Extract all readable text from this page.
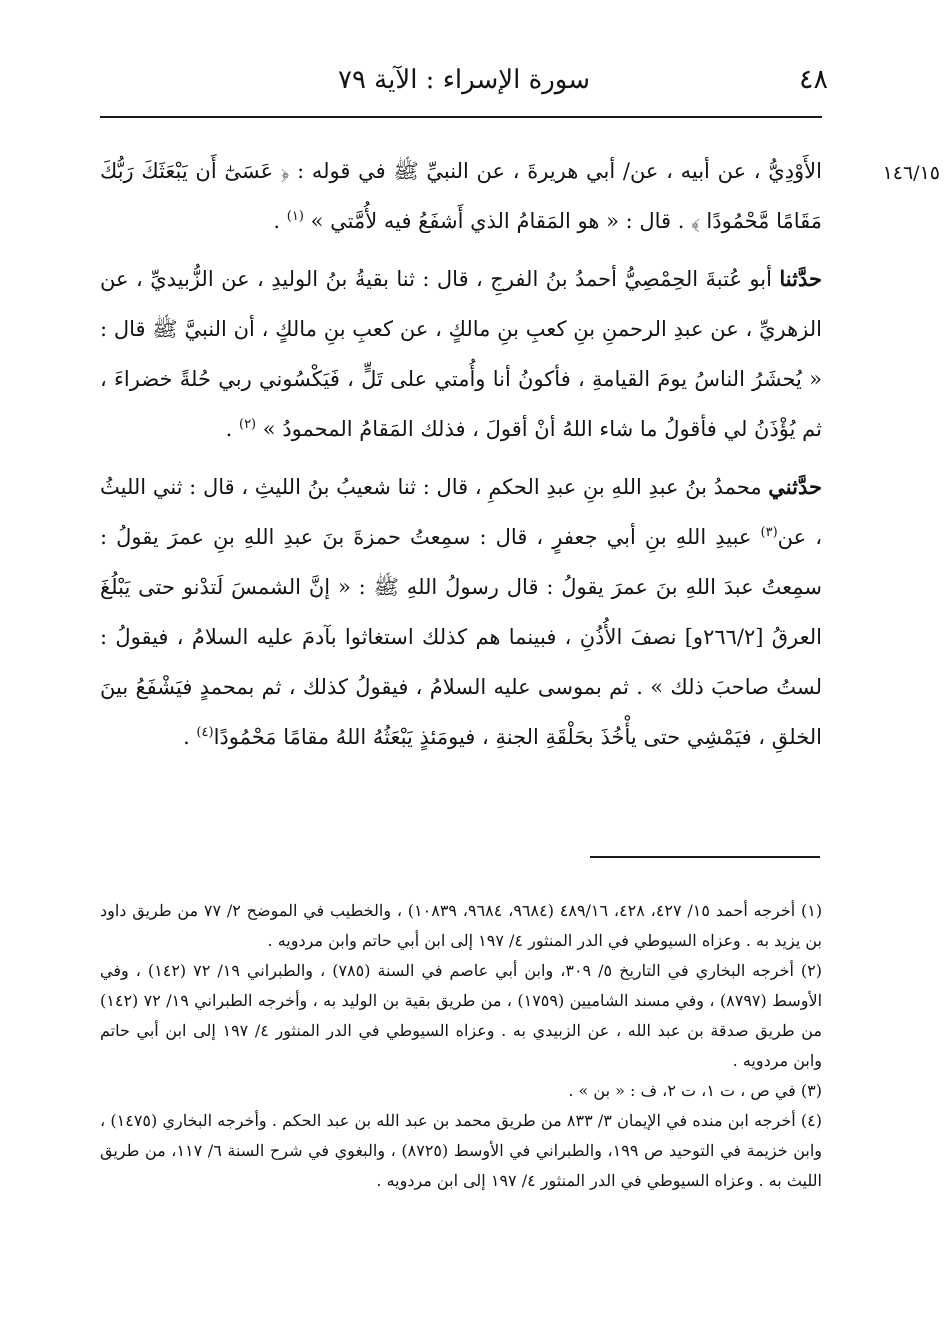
٤٨
سورة الإسراء : الآية ٧٩
١٤٦/١٥

الأَوْدِيُّ ، عن أبيه ، عن/ أبي هريرةَ ، عن النبيِّ ﷺ في قوله : ﴿ عَسَىٰٓ أَن يَبْعَثَكَ رَبُّكَ مَقَامًا مَّحْمُودًا ﴾ . قال : « هو المَقامُ الذي أَشفَعُ فيه لأُمَّتي » $^{(١)}$ .

حدَّثنا أبو عُتبةَ الحِمْصِيُّ أحمدُ بنُ الفرجِ ، قال : ثنا بقيةُ بنُ الوليدِ ، عن الزُّبيديِّ ، عن الزهريِّ ، عن عبدِ الرحمنِ بنِ كعبِ بنِ مالكٍ ، عن كعبِ بنِ مالكٍ ، أن النبيَّ ﷺ قال : « يُحشَرُ الناسُ يومَ القيامةِ ، فأكونُ أنا وأُمتي على تَلٍّ ، فَيَكْسُوني ربي حُلةً خضراءَ ، ثم يُؤْذَنُ لي فأقولُ ما شاء اللهُ أنْ أقولَ ، فذلك المَقامُ المحمودُ » $^{(٢)}$ .

حدَّثني محمدُ بنُ عبدِ اللهِ بنِ عبدِ الحكمِ ، قال : ثنا شعيبُ بنُ الليثِ ، قال : ثني الليثُ ، عن$^{(٣)}$ عبيدِ اللهِ بنِ أبي جعفرٍ ، قال : سمِعتُ حمزةَ بنَ عبدِ اللهِ بنِ عمرَ يقولُ : سمِعتُ عبدَ اللهِ بنَ عمرَ يقولُ : قال رسولُ اللهِ ﷺ : « إنَّ الشمسَ لَتدْنو حتى يَبْلُغَ العرقُ [٢٦٦/٢و] نصفَ الأُذُنِ ، فبينما هم كذلك استغاثوا بآدمَ عليه السلامُ ، فيقولُ : لستُ صاحبَ ذلك » . ثم بموسى عليه السلامُ ، فيقولُ كذلك ، ثم بمحمدٍ فيَشْفَعُ بينَ الخلقِ ، فيَمْشِي حتى يأْخُذَ بحَلْقَةِ الجنةِ ، فيومَئذٍ يَبْعَثُهُ اللهُ مقامًا مَحْمُودًا$^{(٤)}$ .

(١) أخرجه أحمد ١٥/ ٤٢٧، ٤٢٨، ٤٨٩/١٦ (٩٦٨٤، ٩٦٨٤، ١٠٨٣٩) ، والخطيب في الموضح ٢/ ٧٧ من طريق داود بن يزيد به . وعزاه السيوطي في الدر المنثور ٤/ ١٩٧ إلى ابن أبي حاتم وابن مردويه .

(٢) أخرجه البخاري في التاريخ ٥/ ٣٠٩، وابن أبي عاصم في السنة (٧٨٥) ، والطبراني ١٩/ ٧٢ (١٤٢) ، وفي الأوسط (٨٧٩٧) ، وفي مسند الشاميين (١٧٥٩) ، من طريق بقية بن الوليد به ، وأخرجه الطبراني ١٩/ ٧٢ (١٤٢) من طريق صدقة بن عبد الله ، عن الزبيدي به . وعزاه السيوطي في الدر المنثور ٤/ ١٩٧ إلى ابن أبي حاتم وابن مردويه .

(٣) في ص ، ت ١، ت ٢، ف : « بن » .

(٤) أخرجه ابن منده في الإيمان ٣/ ٨٣٣ من طريق محمد بن عبد الله بن عبد الحكم . وأخرجه البخاري (١٤٧٥) ، وابن خزيمة في التوحيد ص ١٩٩، والطبراني في الأوسط (٨٧٢٥) ، والبغوي في شرح السنة ٦/ ١١٧، من طريق الليث به . وعزاه السيوطي في الدر المنثور ٤/ ١٩٧ إلى ابن مردويه .
